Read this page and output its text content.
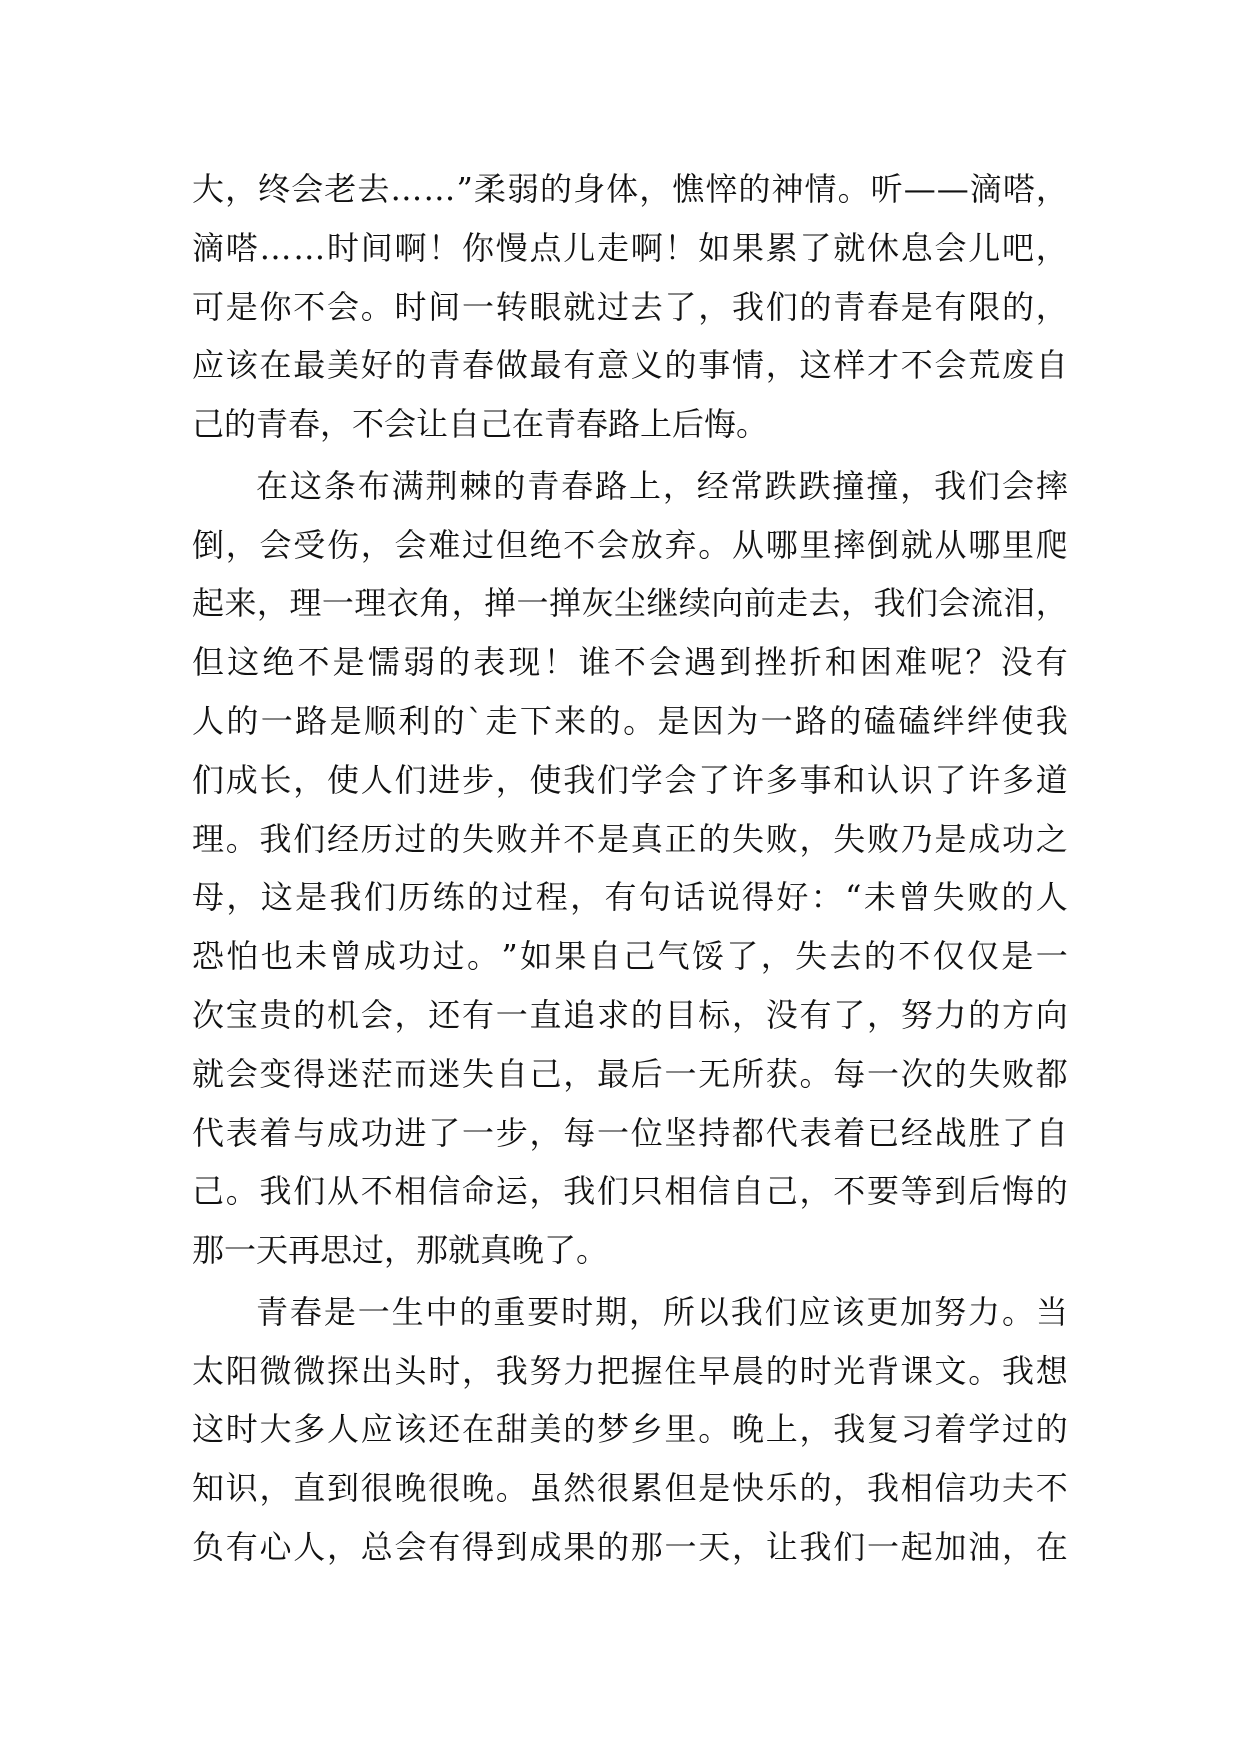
大 ， 终 会 老 去 … … ” 柔 弱 的 身 体 ， 憔 悴 的 神 情 。 听 — — 滴 嗒 ，
滴 嗒 … … 时 间 啊 ！ 你 慢 点 儿 走 啊 ！ 如 果 累 了 就 休 息 会 儿 吧 ，
可 是 你 不 会 。 时 间 一 转 眼 就 过 去 了 ， 我 们 的 青 春 是 有 限 的 ，
应 该 在 最 美 好 的 青 春 做 最 有 意 义 的 事 情 ， 这 样 才 不 会 荒 废 自
己的青春，不会让自己在青春路上后悔。
在 这 条 布 满 荆 棘 的 青 春 路 上 ， 经 常 跌 跌 撞 撞 ， 我 们 会 摔
倒 ， 会 受 伤 ， 会 难 过 但 绝 不 会 放 弃 。 从 哪 里 摔 倒 就 从 哪 里 爬
起 来 ， 理 一 理 衣 角 ， 掸 一 掸 灰 尘 继 续 向 前 走 去 ， 我 们 会 流 泪 ，
但 这 绝 不 是 懦 弱 的 表 现 ！ 谁 不 会 遇 到 挫 折 和 困 难 呢 ？ 没 有
人 的 一 路 是 顺 利 的 ` 走 下 来 的 。 是 因 为 一 路 的 磕 磕 绊 绊 使 我
们 成 长 ， 使 人 们 进 步 ， 使 我 们 学 会 了 许 多 事 和 认 识 了 许 多 道
理 。 我 们 经 历 过 的 失 败 并 不 是 真 正 的 失 败 ， 失 败 乃 是 成 功 之
母 ， 这 是 我 们 历 练 的 过 程 ， 有 句 话 说 得 好 ： “ 未 曾 失 败 的 人
恐 怕 也 未 曾 成 功 过 。 ” 如 果 自 己 气 馁 了 ， 失 去 的 不 仅 仅 是 一
次 宝 贵 的 机 会 ， 还 有 一 直 追 求 的 目 标 ， 没 有 了 ， 努 力 的 方 向
就 会 变 得 迷 茫 而 迷 失 自 己 ， 最 后 一 无 所 获 。 每 一 次 的 失 败 都
代 表 着 与 成 功 进 了 一 步 ， 每 一 位 坚 持 都 代 表 着 已 经 战 胜 了 自
己 。 我 们 从 不 相 信 命 运 ， 我 们 只 相 信 自 己 ， 不 要 等 到 后 悔 的
那一天再思过，那就真晚了。
青 春 是 一 生 中 的 重 要 时 期 ， 所 以 我 们 应 该 更 加 努 力 。 当
太 阳 微 微 探 出 头 时 ， 我 努 力 把 握 住 早 晨 的 时 光 背 课 文 。 我 想
这 时 大 多 人 应 该 还 在 甜 美 的 梦 乡 里 。 晚 上 ， 我 复 习 着 学 过 的
知 识 ， 直 到 很 晚 很 晚 。 虽 然 很 累 但 是 快 乐 的 ， 我 相 信 功 夫 不
负 有 心 人 ， 总 会 有 得 到 成 果 的 那 一 天 ， 让 我 们 一 起 加 油 ， 在
